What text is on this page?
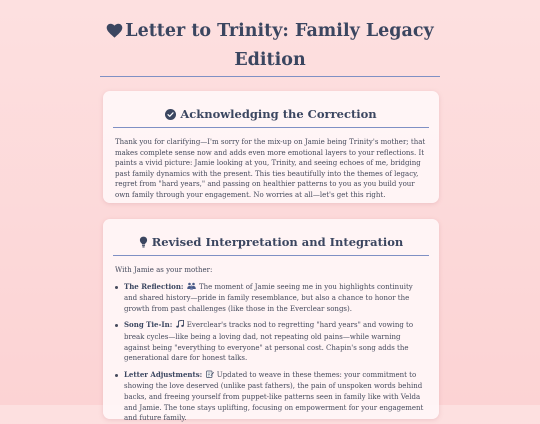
Letter to Trinity: Family Legacy Edition
Acknowledging the Correction

Thank you for clarifying—I'm sorry for the mix-up on Jamie being Trinity's mother; that makes complete sense now and adds even more emotional layers to your reflections. It paints a vivid picture: Jamie looking at you, Trinity, and seeing echoes of me, bridging past family dynamics with the present. This ties beautifully into the themes of legacy, regret from "hard years," and passing on healthier patterns to you as you build your own family through your engagement. No worries at all—let's get this right.

Revised Interpretation and Integration

With Jamie as your mother:

The Reflection: The moment of Jamie seeing me in you highlights continuity and shared history—pride in family resemblance, but also a chance to honor the growth from past challenges (like those in the Everclear songs).
Song Tie-In: Everclear's tracks nod to regretting "hard years" and vowing to break cycles—like being a loving dad, not repeating old pains—while warning against being "everything to everyone" at personal cost. Chapin's song adds the generational dare for honest talks.
Letter Adjustments: Updated to weave in these themes: your commitment to showing the love deserved (unlike past fathers), the pain of unspoken words behind backs, and freeing yourself from puppet-like patterns seen in family like with Velda and Jamie. The tone stays uplifting, focusing on empowerment for your engagement and future family.
